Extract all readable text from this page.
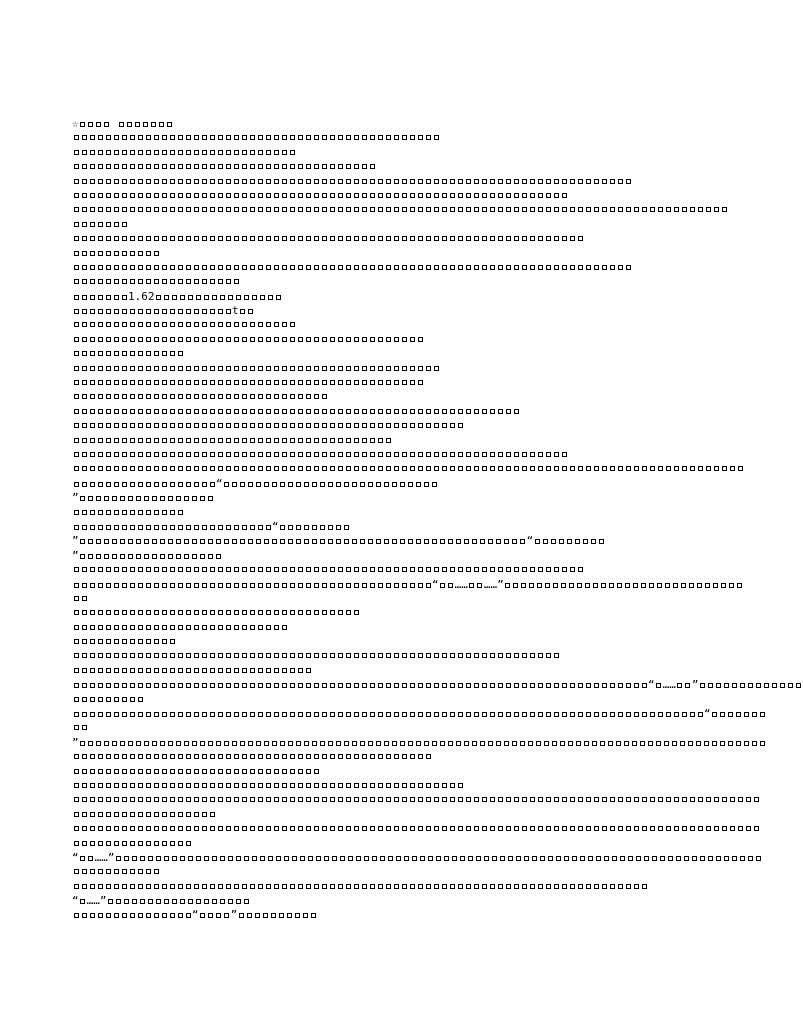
☆
1.62
t
“
”
“
”	“
”
“ …… ……”
“ …… ”
“
”
“ ……”
“ ……”
“	”
